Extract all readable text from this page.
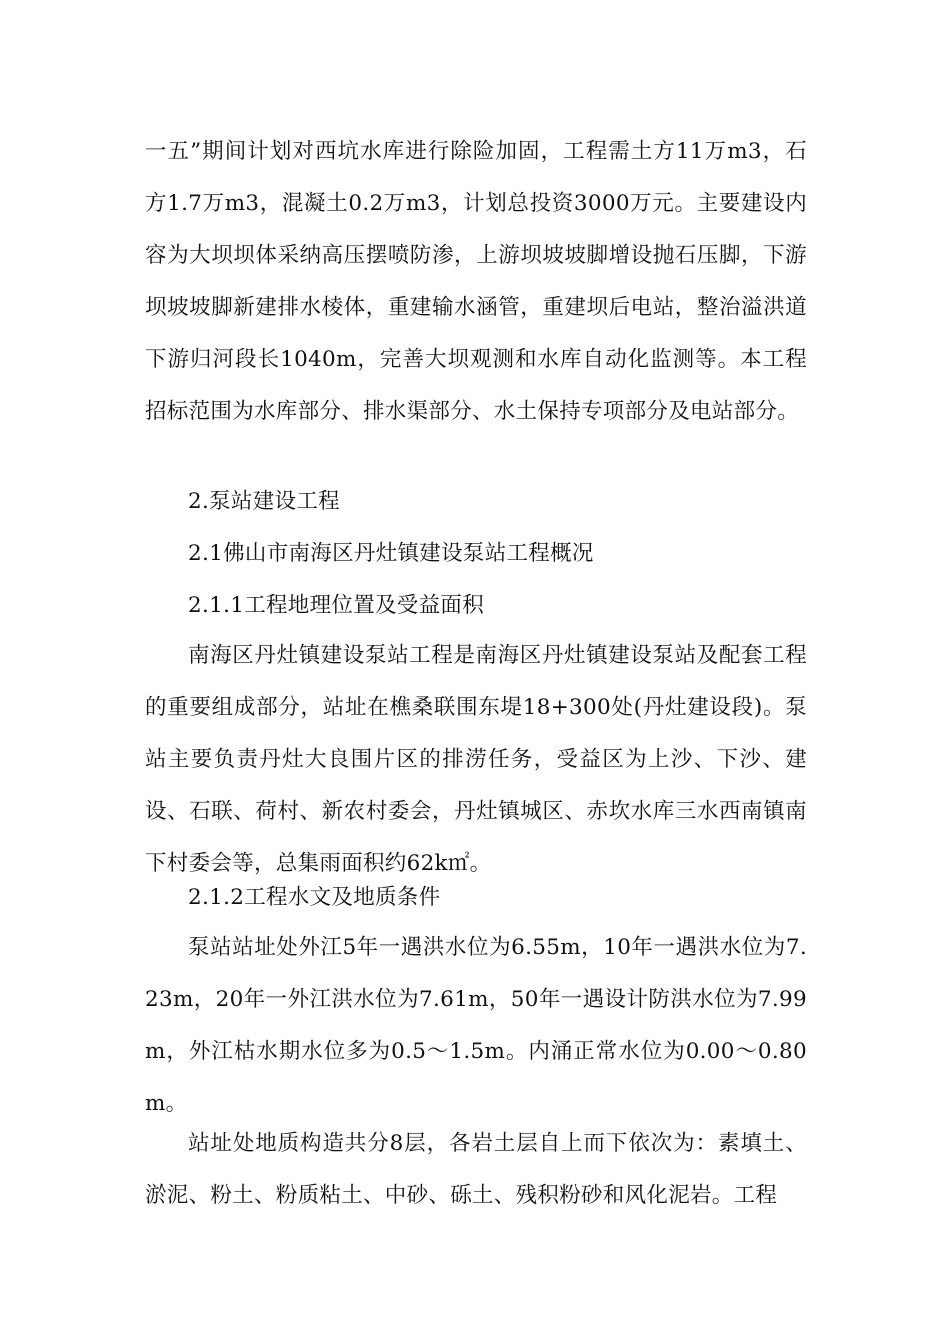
一五”期间计划对西坑水库进行除险加固，工程需土方11万m3，石方1.7万m3，混凝土0.2万m3，计划总投资3000万元。主要建设内容为大坝坝体采纳高压摆喷防渗，上游坝坡坡脚增设抛石压脚，下游坝坡坡脚新建排水棱体，重建输水涵管，重建坝后电站，整治溢洪道下游归河段长1040m，完善大坝观测和水库自动化监测等。本工程招标范围为水库部分、排水渠部分、水土保持专项部分及电站部分。
2.泵站建设工程
2.1佛山市南海区丹灶镇建设泵站工程概况
2.1.1工程地理位置及受益面积
南海区丹灶镇建设泵站工程是南海区丹灶镇建设泵站及配套工程的重要组成部分，站址在樵桑联围东堤18+300处(丹灶建设段)。泵站主要负责丹灶大良围片区的排涝任务，受益区为上沙、下沙、建设、石联、荷村、新农村委会，丹灶镇城区、赤坎水库三水西南镇南下村委会等，总集雨面积约62k㎡。
2.1.2工程水文及地质条件
泵站站址处外江5年一遇洪水位为6.55m，10年一遇洪水位为7.23m，20年一外江洪水位为7.61m，50年一遇设计防洪水位为7.99m，外江枯水期水位多为0.5～1.5m。内涌正常水位为0.00～0.80m。
站址处地质构造共分8层，各岩土层自上而下依次为：素填土、淤泥、粉土、粉质粘土、中砂、砾土、残积粉砂和风化泥岩。工程
